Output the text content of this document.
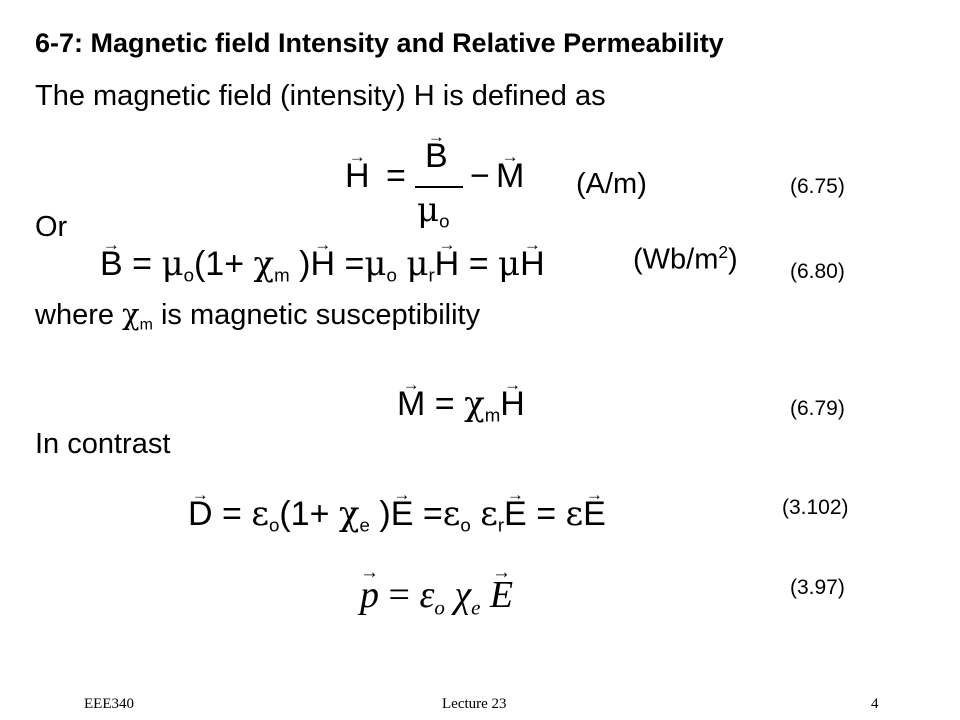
6-7: Magnetic field Intensity and Relative Permeability
The magnetic field (intensity) H is defined as
→ H =
→ B
$\mu_o$
− → M (A/m)	(6.75)
Or
→ $B = \mu_o(1+ \chi_m$ )→ $H =\mu_o$ $\mu_r\to H = \mu\to H$	$(Wb/m^2)$ (6.80)
where $\chi_m$ is magnetic susceptibility
→ $M = \chi_m\to H$	(6.79)
In contrast
→ $D = \varepsilon_o(1+ \chi_e$ )→ $E =\varepsilon_o$ $\varepsilon_r\to E = \varepsilon\to E$	(3.102)
→ $p = \varepsilon_o$ $\chi_e \to E$	(3.97)
EEE340	Lecture 23	4
